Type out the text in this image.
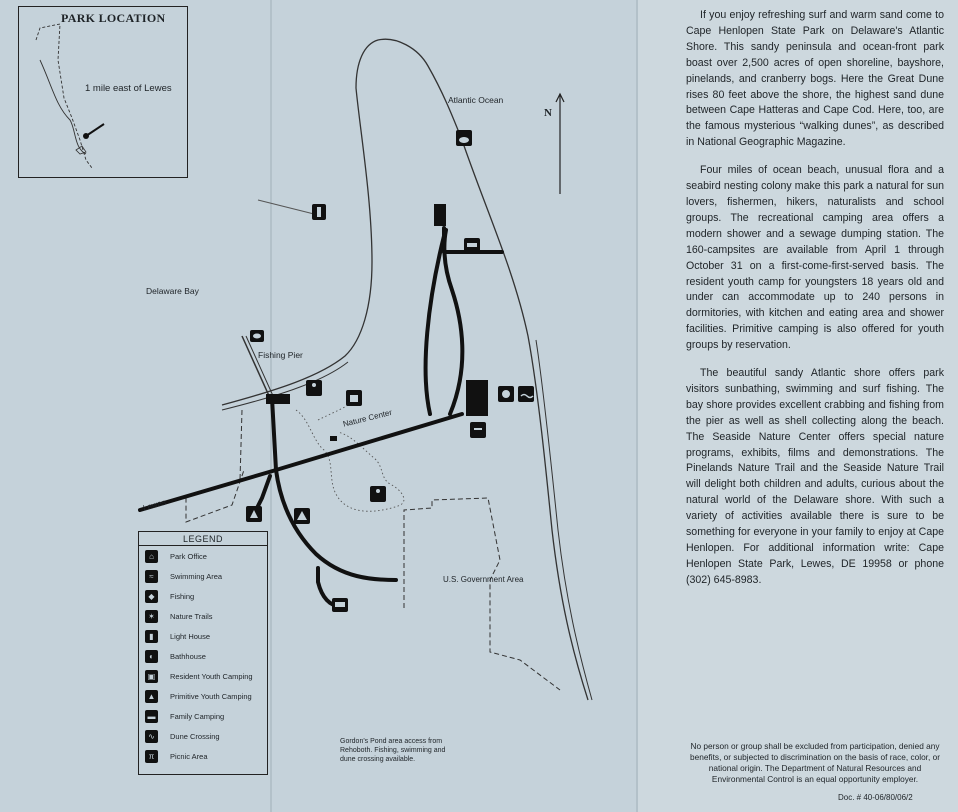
PARK LOCATION
1 mile east of Lewes
Atlantic Ocean
Delaware Bay
Fishing Pier
Nature Center
U.S. Government Area
Lewes
N
Gordon's Pond area access from
Rehoboth. Fishing, swimming and
dune crossing available.
LEGEND
⌂	Park Office
≈	Swimming Area
◆	Fishing
✶	Nature Trails
▮	Light House
◐	Bathhouse
▣	Resident Youth Camping
▲	Primitive Youth Camping
▬	Family Camping
∿	Dune Crossing
π	Picnic Area

If you enjoy refreshing surf and warm sand come to Cape Henlopen State Park on Delaware's Atlantic Shore. This sandy peninsula and ocean-front park boast over 2,500 acres of open shoreline, bayshore, pinelands, and cranberry bogs. Here the Great Dune rises 80 feet above the shore, the highest sand dune between Cape Hatteras and Cape Cod. Here, too, are the famous mysterious “walking dunes”, as described in National Geographic Magazine.

Four miles of ocean beach, unusual flora and a seabird nesting colony make this park a natural for sun lovers, fishermen, hikers, naturalists and school groups. The recreational camping area offers a modern shower and a sewage dumping station. The 160-campsites are available from April 1 through October 31 on a first-come-first-served basis. The resident youth camp for youngsters 18 years old and under can accommodate up to 240 persons in dormitories, with kitchen and eating area and shower facilities. Primitive camping is also offered for youth groups by reservation.

The beautiful sandy Atlantic shore offers park visitors sunbathing, swimming and surf fishing. The bay shore provides excellent crabbing and fishing from the pier as well as shell collecting along the beach. The Seaside Nature Center offers special nature programs, exhibits, films and demonstrations. The Pinelands Nature Trail and the Seaside Nature Trail will delight both children and adults, curious about the natural world of the Delaware shore. With such a variety of activities available there is sure to be something for everyone in your family to enjoy at Cape Henlopen. For additional information write: Cape Henlopen State Park, Lewes, DE 19958 or phone (302) 645-8983.

No person or group shall be excluded from participation, denied any benefits, or subjected to discrimination on the basis of race, color, or national origin. The Department of Natural Resources and Environmental Control is an equal opportunity employer.
Doc. # 40-06/80/06/2
